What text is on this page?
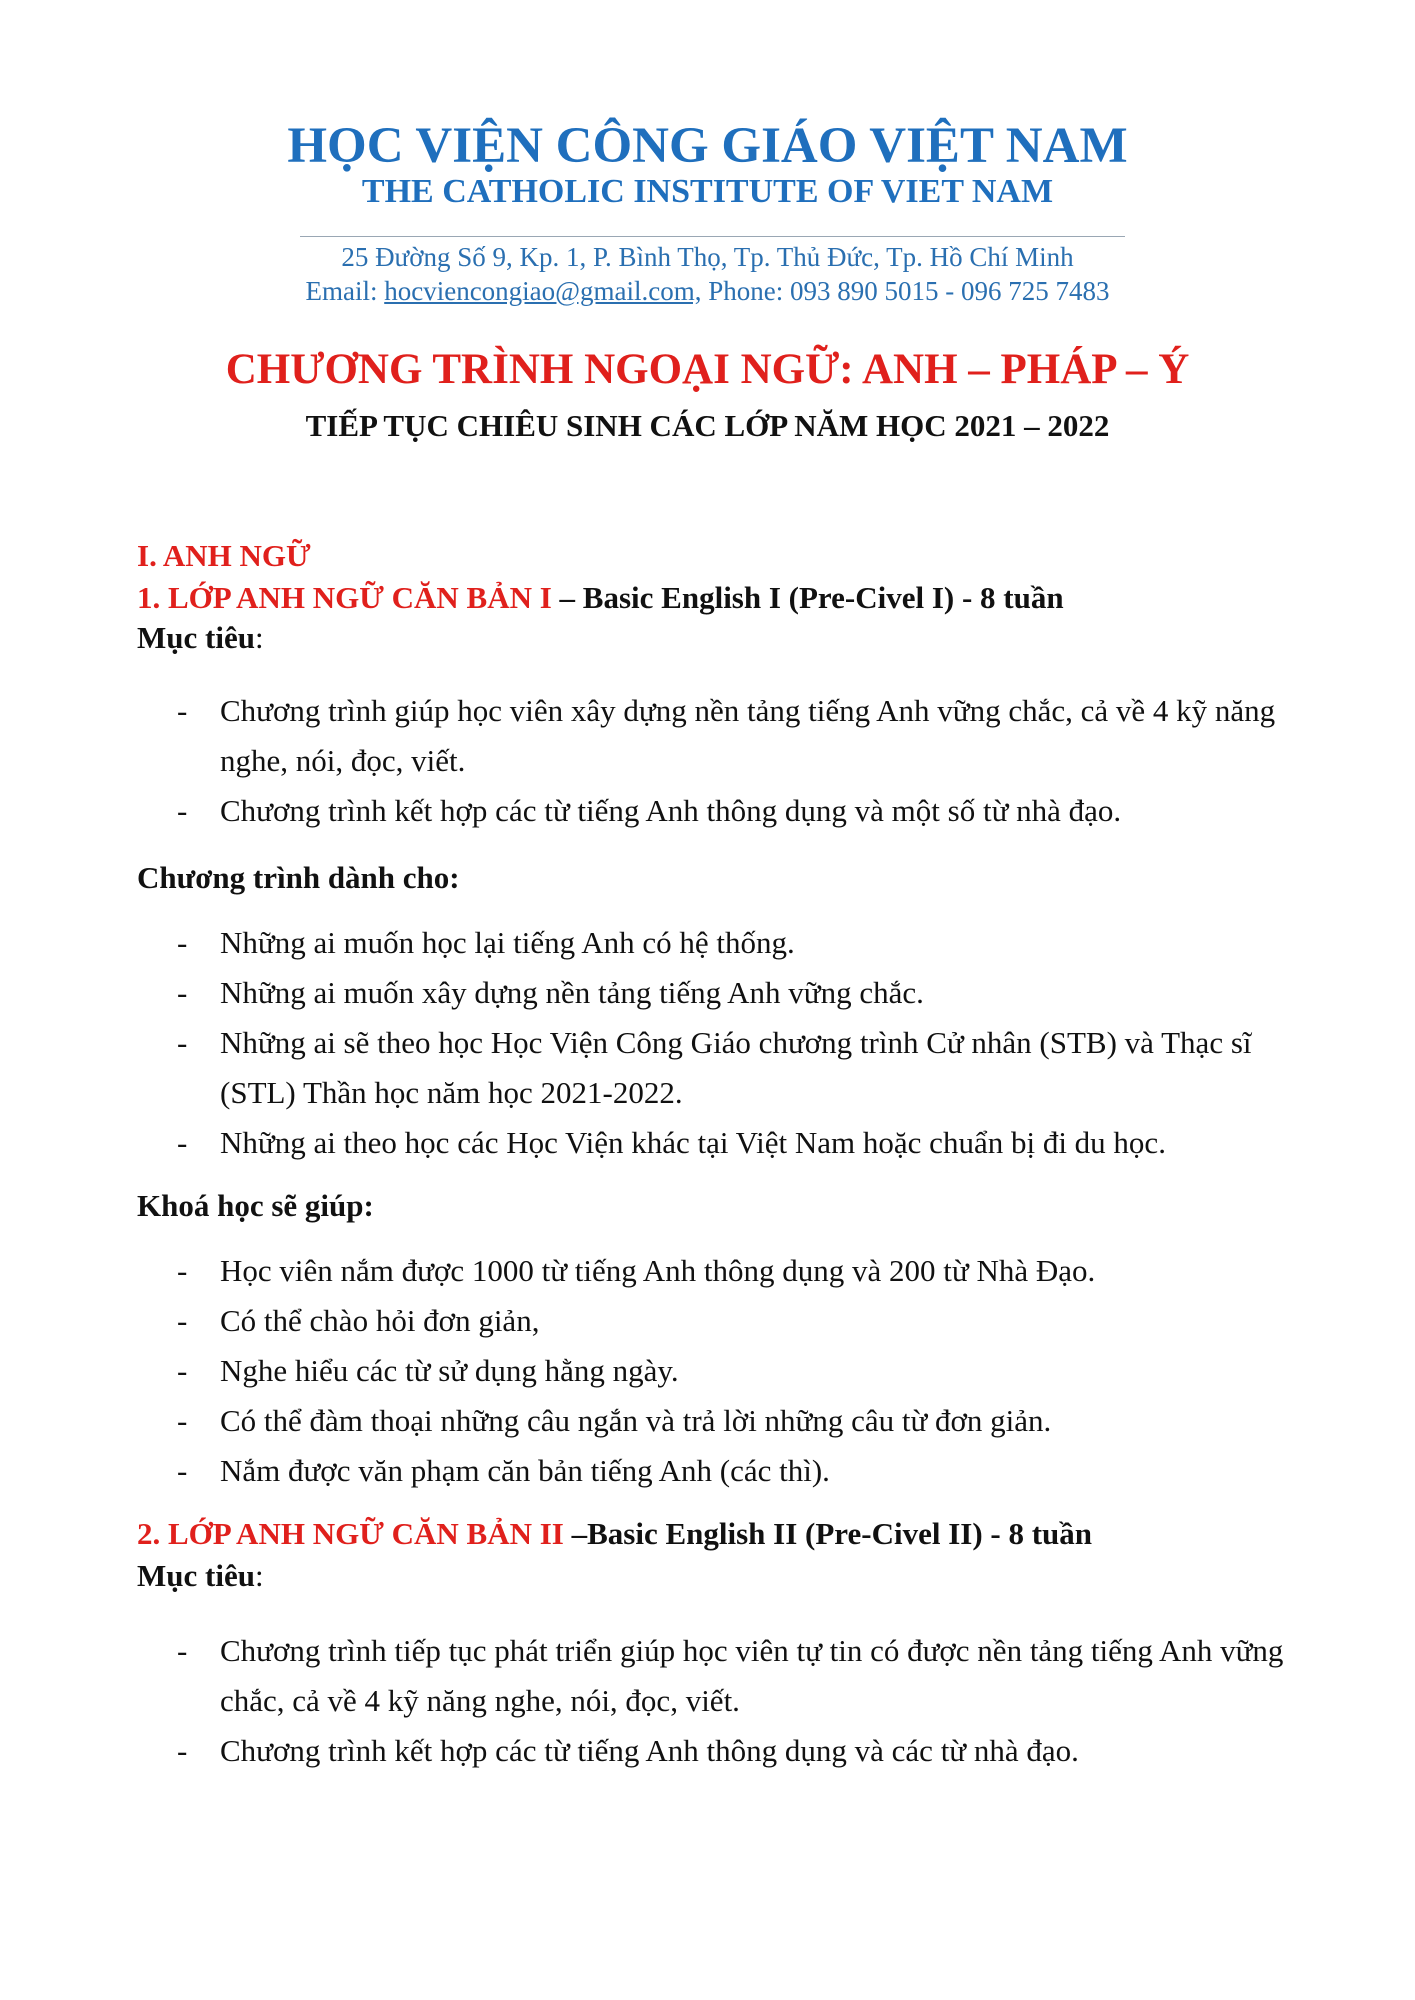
HỌC VIỆN CÔNG GIÁO VIỆT NAM
THE CATHOLIC INSTITUTE OF VIET NAM
25 Đường Số 9, Kp. 1, P. Bình Thọ, Tp. Thủ Đức, Tp. Hồ Chí Minh
Email: hocviencongiao@gmail.com, Phone: 093 890 5015 - 096 725 7483
CHƯƠNG TRÌNH NGOẠI NGỮ: ANH – PHÁP – Ý
TIẾP TỤC CHIÊU SINH CÁC LỚP NĂM HỌC 2021 – 2022
I. ANH NGỮ
1. LỚP ANH NGỮ CĂN BẢN I – Basic English I (Pre-Civel I) - 8 tuần
Mục tiêu:
-	Chương trình giúp học viên xây dựng nền tảng tiếng Anh vững chắc, cả về 4 kỹ năng nghe, nói, đọc, viết.
-	Chương trình kết hợp các từ tiếng Anh thông dụng và một số từ nhà đạo.
Chương trình dành cho:
-	Những ai muốn học lại tiếng Anh có hệ thống.
-	Những ai muốn xây dựng nền tảng tiếng Anh vững chắc.
-	Những ai sẽ theo học Học Viện Công Giáo chương trình Cử nhân (STB) và Thạc sĩ (STL) Thần học năm học 2021-2022.
-	Những ai theo học các Học Viện khác tại Việt Nam hoặc chuẩn bị đi du học.
Khoá học sẽ giúp:
-	Học viên nắm được 1000 từ tiếng Anh thông dụng và 200 từ Nhà Đạo.
-	Có thể chào hỏi đơn giản,
-	Nghe hiểu các từ sử dụng hằng ngày.
-	Có thể đàm thoại những câu ngắn và trả lời những câu từ đơn giản.
-	Nắm được văn phạm căn bản tiếng Anh (các thì).
2. LỚP ANH NGỮ CĂN BẢN II –Basic English II (Pre-Civel II) - 8 tuần
Mục tiêu:
-	Chương trình tiếp tục phát triển giúp học viên tự tin có được nền tảng tiếng Anh vững chắc, cả về 4 kỹ năng nghe, nói, đọc, viết.
-	Chương trình kết hợp các từ tiếng Anh thông dụng và các từ nhà đạo.
